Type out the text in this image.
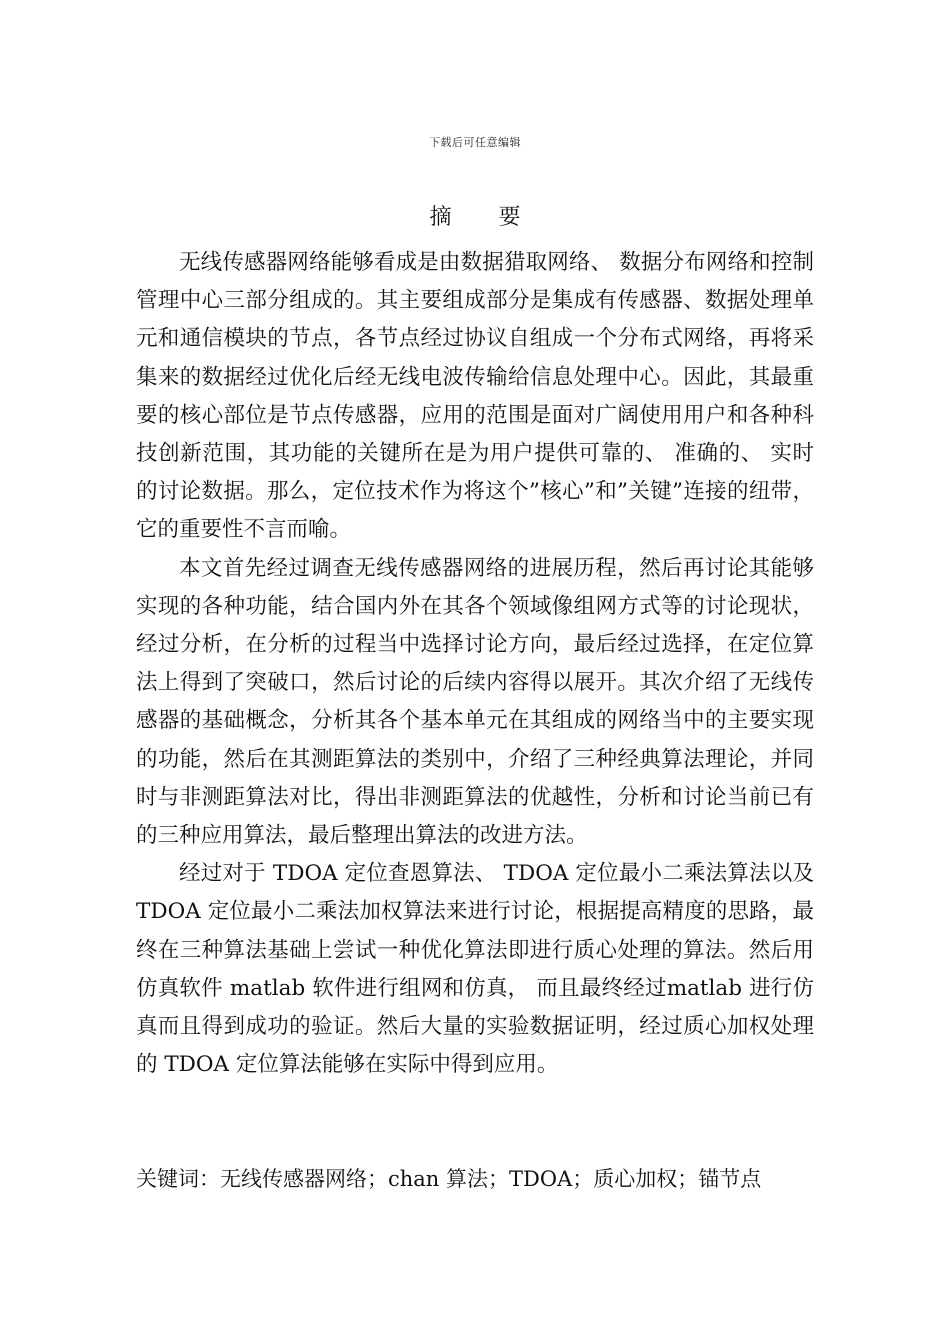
下载后可任意编辑
摘 要

无线传感器网络能够看成是由数据猎取网络、 数据分布网络和控制管理中心三部分组成的。其主要组成部分是集成有传感器、数据处理单元和通信模块的节点，各节点经过协议自组成一个分布式网络，再将采集来的数据经过优化后经无线电波传输给信息处理中心。因此，其最重要的核心部位是节点传感器，应用的范围是面对广阔使用用户和各种科技创新范围，其功能的关键所在是为用户提供可靠的、 准确的、 实时的讨论数据。那么，定位技术作为将这个”核心”和”关键”连接的纽带，它的重要性不言而喻。

本文首先经过调查无线传感器网络的进展历程，然后再讨论其能够实现的各种功能，结合国内外在其各个领域像组网方式等的讨论现状，经过分析，在分析的过程当中选择讨论方向，最后经过选择，在定位算法上得到了突破口，然后讨论的后续内容得以展开。其次介绍了无线传感器的基础概念，分析其各个基本单元在其组成的网络当中的主要实现的功能，然后在其测距算法的类别中，介绍了三种经典算法理论，并同时与非测距算法对比，得出非测距算法的优越性，分析和讨论当前已有的三种应用算法，最后整理出算法的改进方法。

经过对于 TDOA 定位查恩算法、 TDOA 定位最小二乘法算法以及TDOA 定位最小二乘法加权算法来进行讨论，根据提高精度的思路，最终在三种算法基础上尝试一种优化算法即进行质心处理的算法。然后用仿真软件 matlab 软件进行组网和仿真， 而且最终经过matlab 进行仿真而且得到成功的验证。然后大量的实验数据证明，经过质心加权处理的 TDOA 定位算法能够在实际中得到应用。

关键词：无线传感器网络；chan 算法；TDOA；质心加权；锚节点
